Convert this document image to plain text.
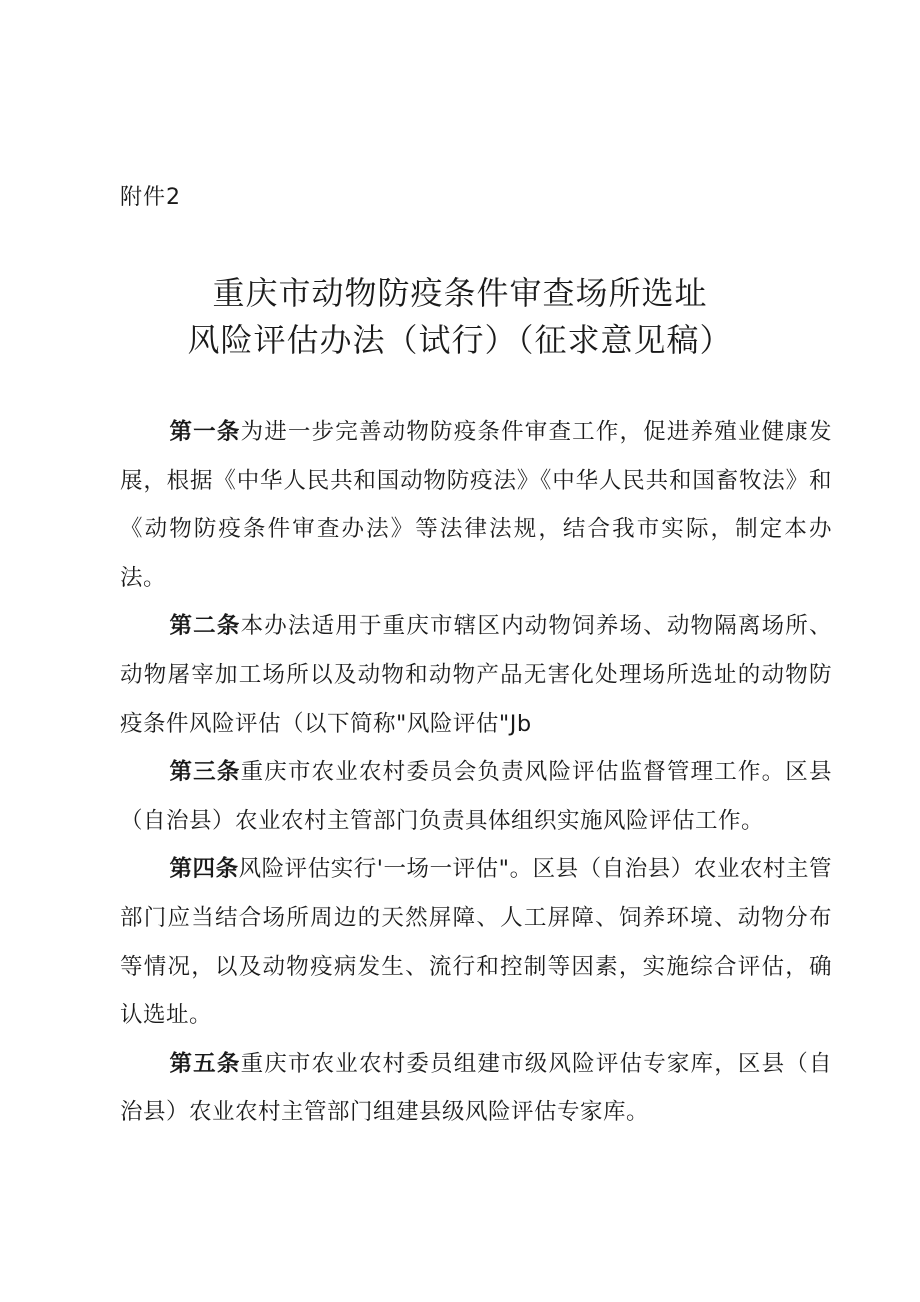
附件2
重庆市动物防疫条件审查场所选址
风险评估办法（试行）（征求意见稿）

第一条为进一步完善动物防疫条件审查工作，促进养殖业健康发展，根据《中华人民共和国动物防疫法》《中华人民共和国畜牧法》和《动物防疫条件审查办法》等法律法规，结合我市实际，制定本办法。

第二条本办法适用于重庆市辖区内动物饲养场、动物隔离场所、动物屠宰加工场所以及动物和动物产品无害化处理场所选址的动物防疫条件风险评估（以下简称"风险评估"Jb

第三条重庆市农业农村委员会负责风险评估监督管理工作。区县（自治县）农业农村主管部门负责具体组织实施风险评估工作。

第四条风险评估实行'一场一评估"。区县（自治县）农业农村主管部门应当结合场所周边的天然屏障、人工屏障、饲养环境、动物分布等情况，以及动物疫病发生、流行和控制等因素，实施综合评估，确认选址。

第五条重庆市农业农村委员组建市级风险评估专家库，区县（自治县）农业农村主管部门组建县级风险评估专家库。
